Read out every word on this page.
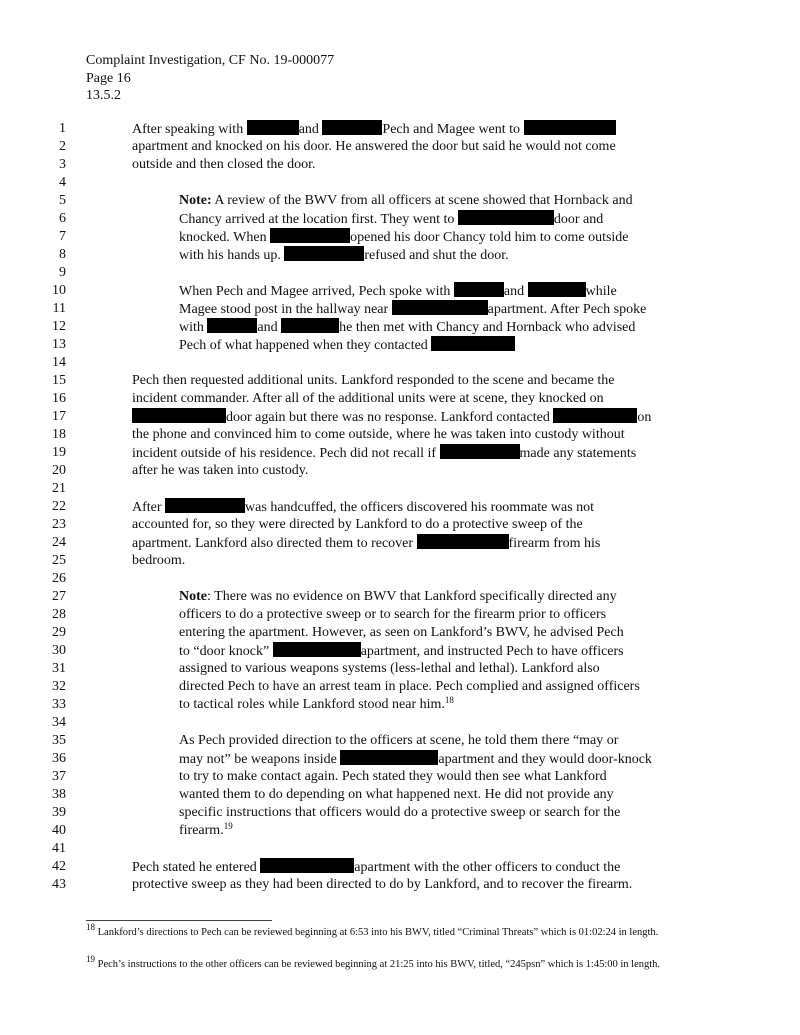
Complaint Investigation, CF No. 19-000077
Page 16
13.5.2
1	After speaking with	and	Pech and Magee went to
2	apartment and knocked on his door. He answered the door but said he would not come
3	outside and then closed the door.
4
5	Note: A review of the BWV from all officers at scene showed that Hornback and
6	Chancy arrived at the location first. They went to	door and
7	knocked. When	opened his door Chancy told him to come outside
8	with his hands up.	refused and shut the door.
9
10	When Pech and Magee arrived, Pech spoke with	and	while
11	Magee stood post in the hallway near	apartment. After Pech spoke
12	with	and	he then met with Chancy and Hornback who advised
13	Pech of what happened when they contacted
14
15	Pech then requested additional units. Lankford responded to the scene and became the
16	incident commander. After all of the additional units were at scene, they knocked on
17	door again but there was no response. Lankford contacted	on
18	the phone and convinced him to come outside, where he was taken into custody without
19	incident outside of his residence. Pech did not recall if	made any statements
20	after he was taken into custody.
21
22	After	was handcuffed, the officers discovered his roommate was not
23	accounted for, so they were directed by Lankford to do a protective sweep of the
24	apartment. Lankford also directed them to recover	firearm from his
25	bedroom.
26
27	Note: There was no evidence on BWV that Lankford specifically directed any
28	officers to do a protective sweep or to search for the firearm prior to officers
29	entering the apartment. However, as seen on Lankford’s BWV, he advised Pech
30	to “door knock”	apartment, and instructed Pech to have officers
31	assigned to various weapons systems (less-lethal and lethal). Lankford also
32	directed Pech to have an arrest team in place. Pech complied and assigned officers
33	to tactical roles while Lankford stood near him.$^{18}$
34
35	As Pech provided direction to the officers at scene, he told them there “may or
36	may not” be weapons inside	apartment and they would door-knock
37	to try to make contact again. Pech stated they would then see what Lankford
38	wanted them to do depending on what happened next. He did not provide any
39	specific instructions that officers would do a protective sweep or search for the
40	firearm.$^{19}$
41
42	Pech stated he entered	apartment with the other officers to conduct the
43	protective sweep as they had been directed to do by Lankford, and to recover the firearm.
$^{18}$ Lankford’s directions to Pech can be reviewed beginning at 6:53 into his BWV, titled “Criminal Threats” which is 01:02:24 in length.
$^{19}$ Pech’s instructions to the other officers can be reviewed beginning at 21:25 into his BWV, titled, “245psn” which is 1:45:00 in length.
